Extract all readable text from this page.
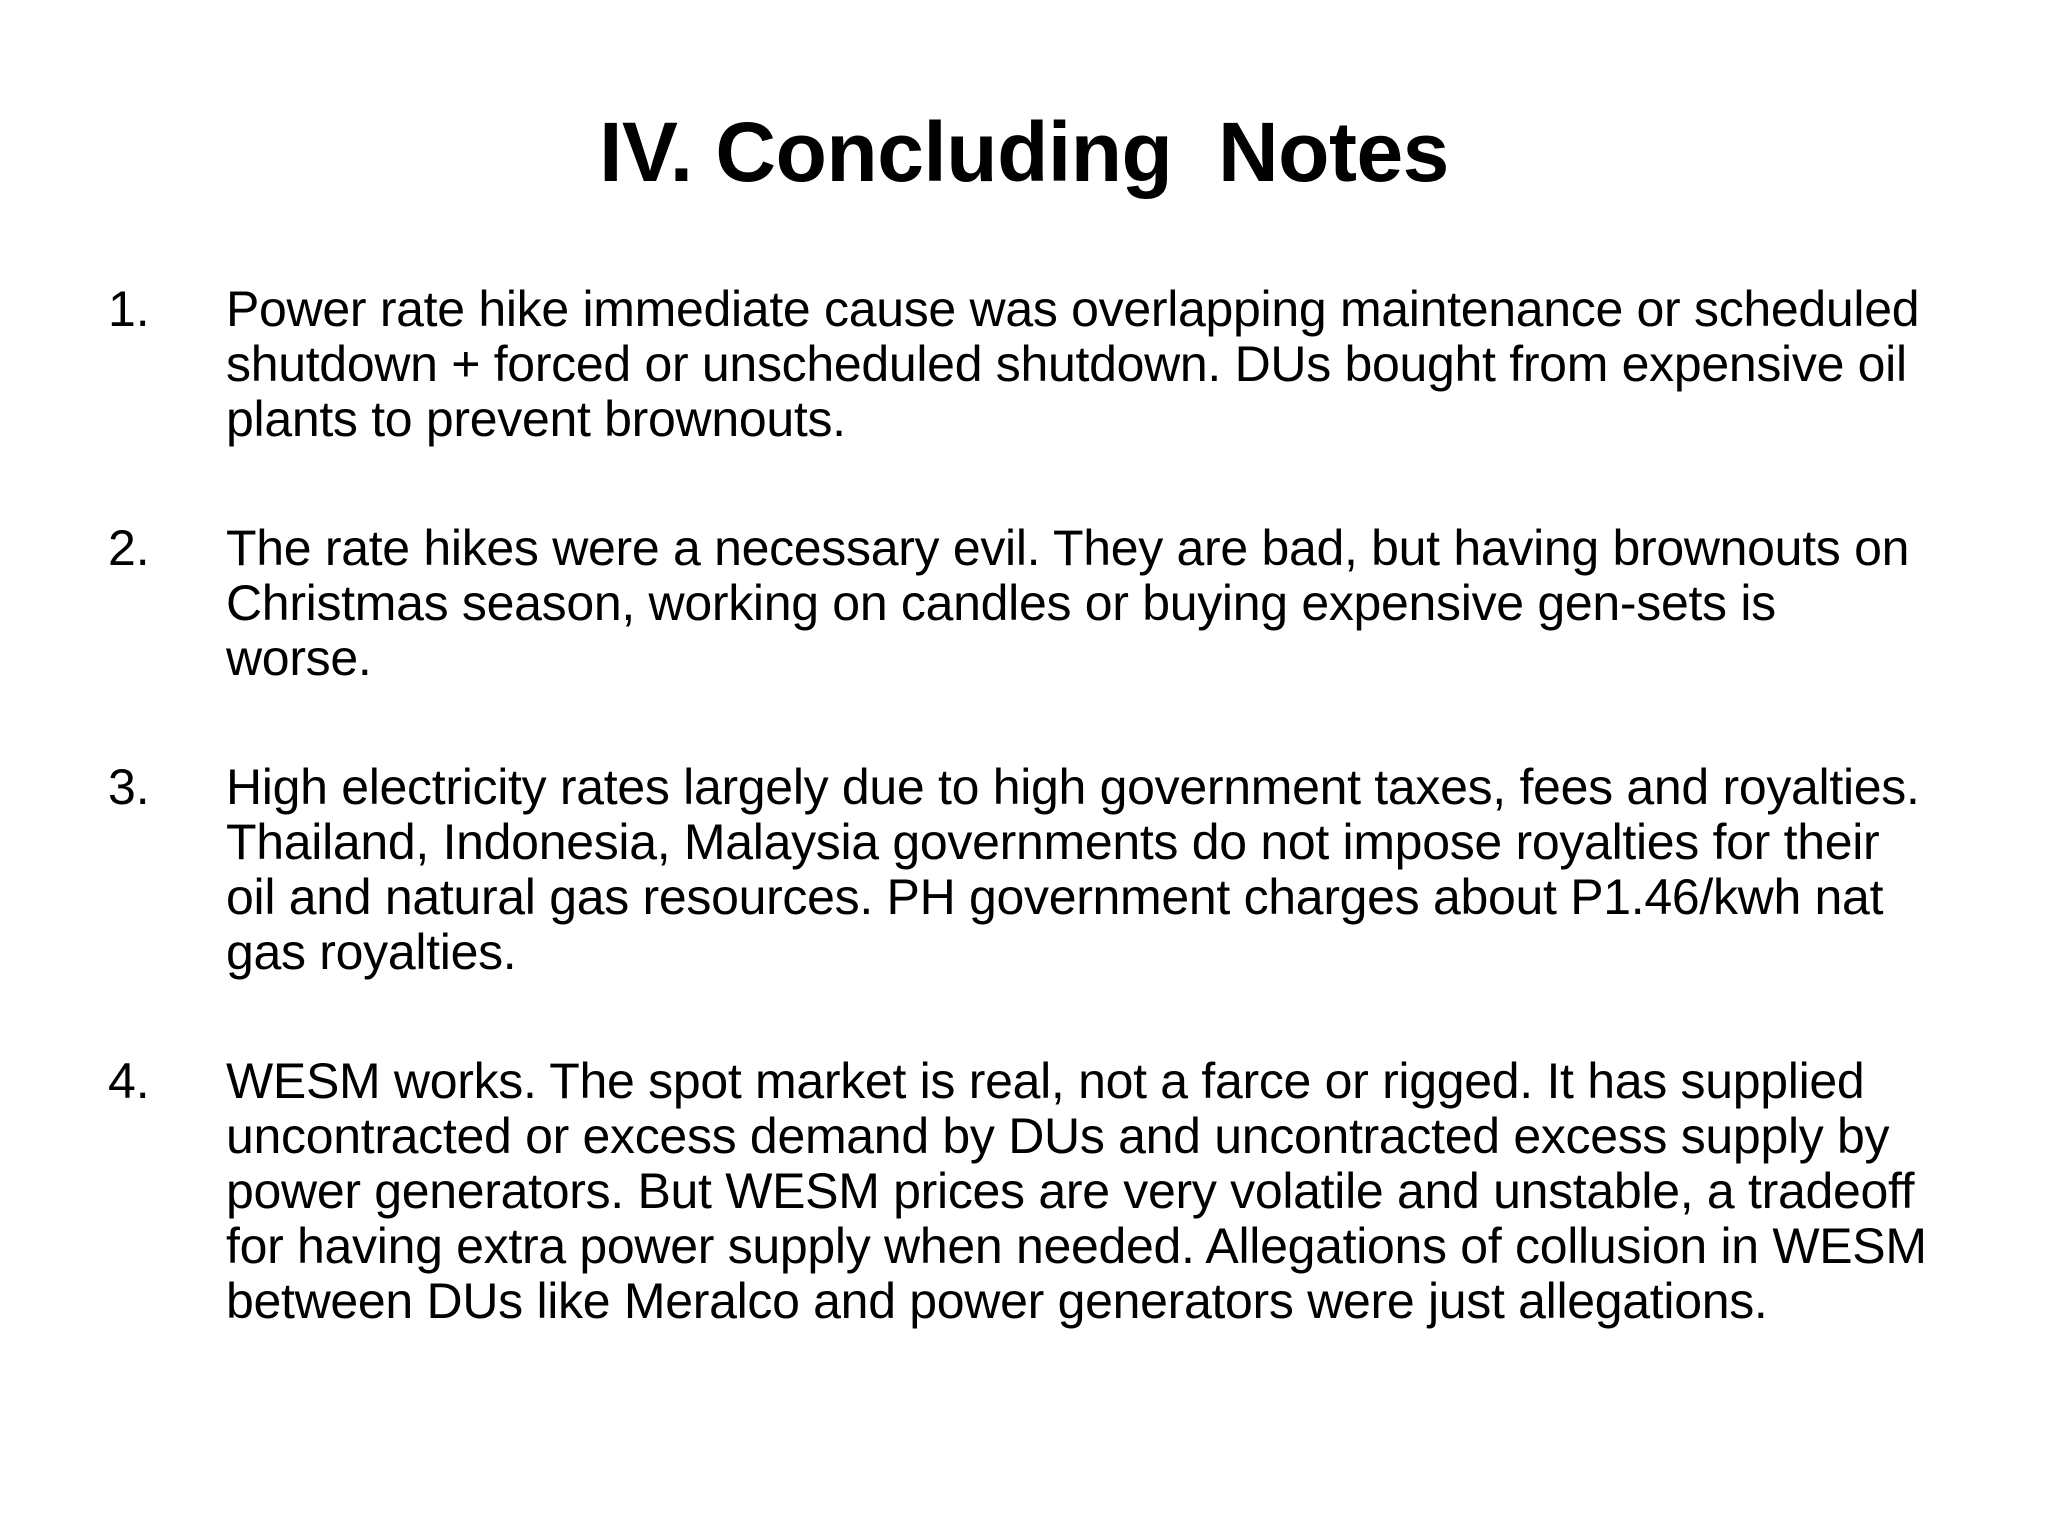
IV. Concluding  Notes
1.	Power rate hike immediate cause was overlapping maintenance or scheduled shutdown + forced or unscheduled shutdown. DUs bought from expensive oil plants to prevent brownouts.
2.	The rate hikes were a necessary evil. They are bad, but having brownouts on Christmas season, working on candles or buying expensive gen-sets is worse.
3.	High electricity rates largely due to high government taxes, fees and royalties. Thailand, Indonesia, Malaysia governments do not impose royalties for their oil and natural gas resources. PH government charges about P1.46/kwh nat gas royalties.
4.	WESM works. The spot market is real, not a farce or rigged. It has supplied uncontracted or excess demand by DUs and uncontracted excess supply by power generators. But WESM prices are very volatile and unstable, a tradeoff for having extra power supply when needed. Allegations of collusion in WESM between DUs like Meralco and power generators were just allegations.
